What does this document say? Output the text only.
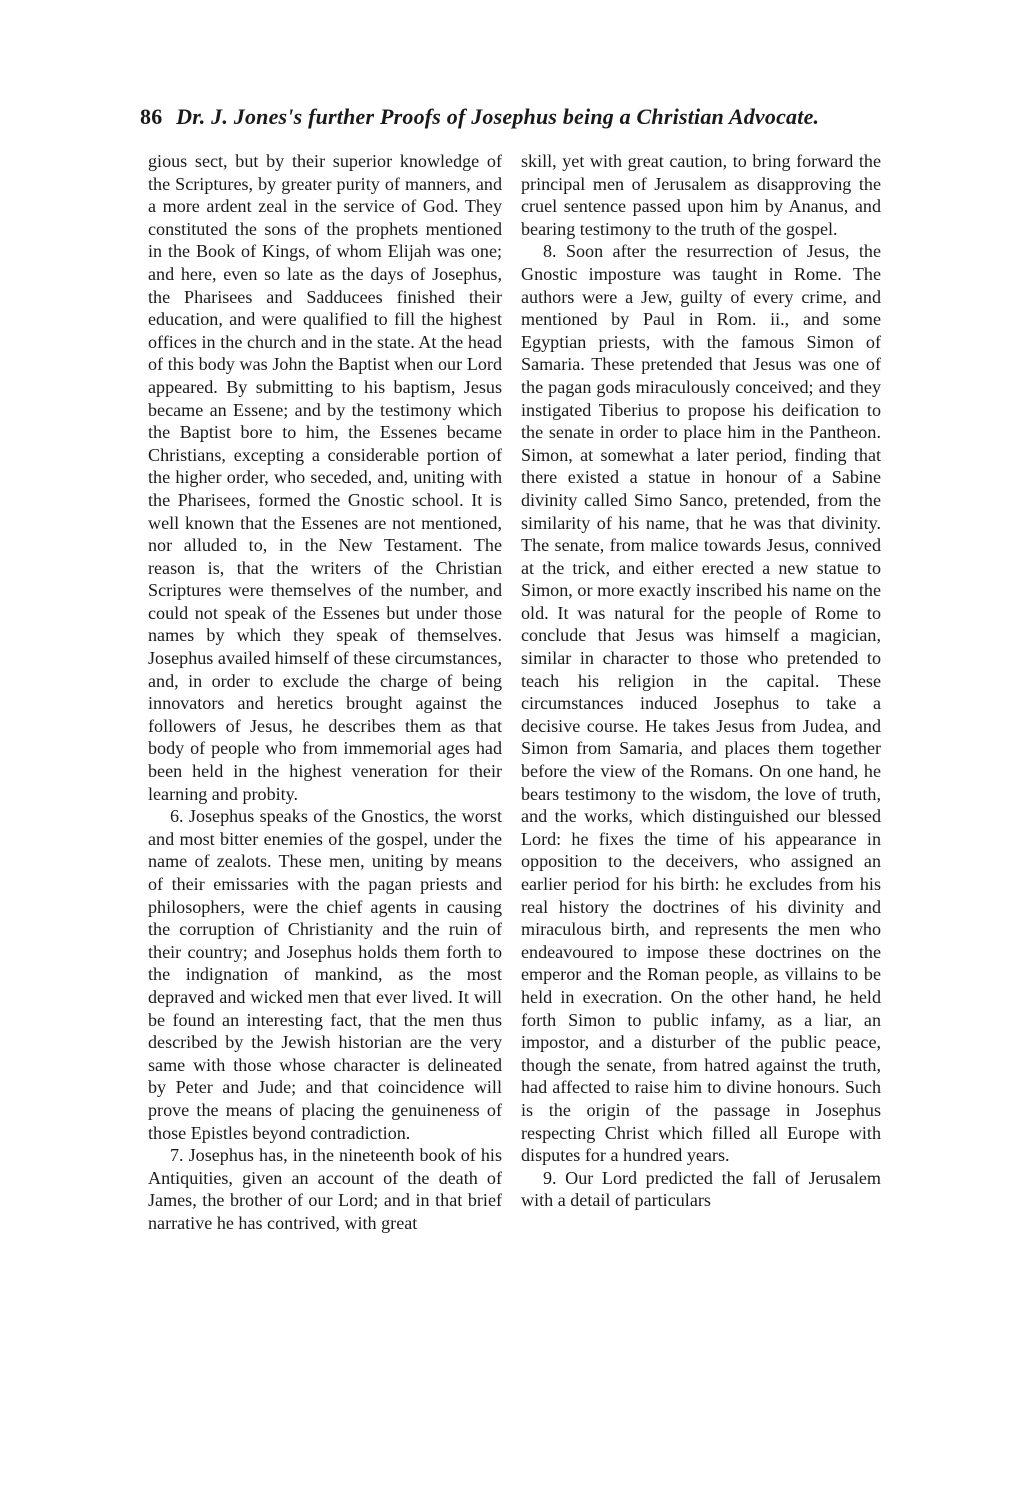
86 Dr. J. Jones's further Proofs of Josephus being a Christian Advocate.

gious sect, but by their superior knowledge of the Scriptures, by greater purity of manners, and a more ardent zeal in the service of God. They constituted the sons of the prophets mentioned in the Book of Kings, of whom Elijah was one; and here, even so late as the days of Josephus, the Pharisees and Sadducees finished their education, and were qualified to fill the highest offices in the church and in the state. At the head of this body was John the Baptist when our Lord appeared. By submitting to his baptism, Jesus became an Essene; and by the testimony which the Baptist bore to him, the Essenes became Christians, excepting a considerable portion of the higher order, who seceded, and, uniting with the Pharisees, formed the Gnostic school. It is well known that the Essenes are not mentioned, nor alluded to, in the New Testament. The reason is, that the writers of the Christian Scriptures were themselves of the number, and could not speak of the Essenes but under those names by which they speak of themselves. Josephus availed himself of these circumstances, and, in order to exclude the charge of being innovators and heretics brought against the followers of Jesus, he describes them as that body of people who from immemorial ages had been held in the highest veneration for their learning and probity.

6. Josephus speaks of the Gnostics, the worst and most bitter enemies of the gospel, under the name of zealots. These men, uniting by means of their emissaries with the pagan priests and philosophers, were the chief agents in causing the corruption of Christianity and the ruin of their country; and Josephus holds them forth to the indignation of mankind, as the most depraved and wicked men that ever lived. It will be found an interesting fact, that the men thus described by the Jewish historian are the very same with those whose character is delineated by Peter and Jude; and that coincidence will prove the means of placing the genuineness of those Epistles beyond contradiction.

7. Josephus has, in the nineteenth book of his Antiquities, given an account of the death of James, the brother of our Lord; and in that brief narrative he has contrived, with great

skill, yet with great caution, to bring forward the principal men of Jerusalem as disapproving the cruel sentence passed upon him by Ananus, and bearing testimony to the truth of the gospel.

8. Soon after the resurrection of Jesus, the Gnostic imposture was taught in Rome. The authors were a Jew, guilty of every crime, and mentioned by Paul in Rom. ii., and some Egyptian priests, with the famous Simon of Samaria. These pretended that Jesus was one of the pagan gods miraculously conceived; and they instigated Tiberius to propose his deification to the senate in order to place him in the Pantheon. Simon, at somewhat a later period, finding that there existed a statue in honour of a Sabine divinity called Simo Sanco, pretended, from the similarity of his name, that he was that divinity. The senate, from malice towards Jesus, connived at the trick, and either erected a new statue to Simon, or more exactly inscribed his name on the old. It was natural for the people of Rome to conclude that Jesus was himself a magician, similar in character to those who pretended to teach his religion in the capital. These circumstances induced Josephus to take a decisive course. He takes Jesus from Judea, and Simon from Samaria, and places them together before the view of the Romans. On one hand, he bears testimony to the wisdom, the love of truth, and the works, which distinguished our blessed Lord: he fixes the time of his appearance in opposition to the deceivers, who assigned an earlier period for his birth: he excludes from his real history the doctrines of his divinity and miraculous birth, and represents the men who endeavoured to impose these doctrines on the emperor and the Roman people, as villains to be held in execration. On the other hand, he held forth Simon to public infamy, as a liar, an impostor, and a disturber of the public peace, though the senate, from hatred against the truth, had affected to raise him to divine honours. Such is the origin of the passage in Josephus respecting Christ which filled all Europe with disputes for a hundred years.

9. Our Lord predicted the fall of Jerusalem with a detail of particulars
